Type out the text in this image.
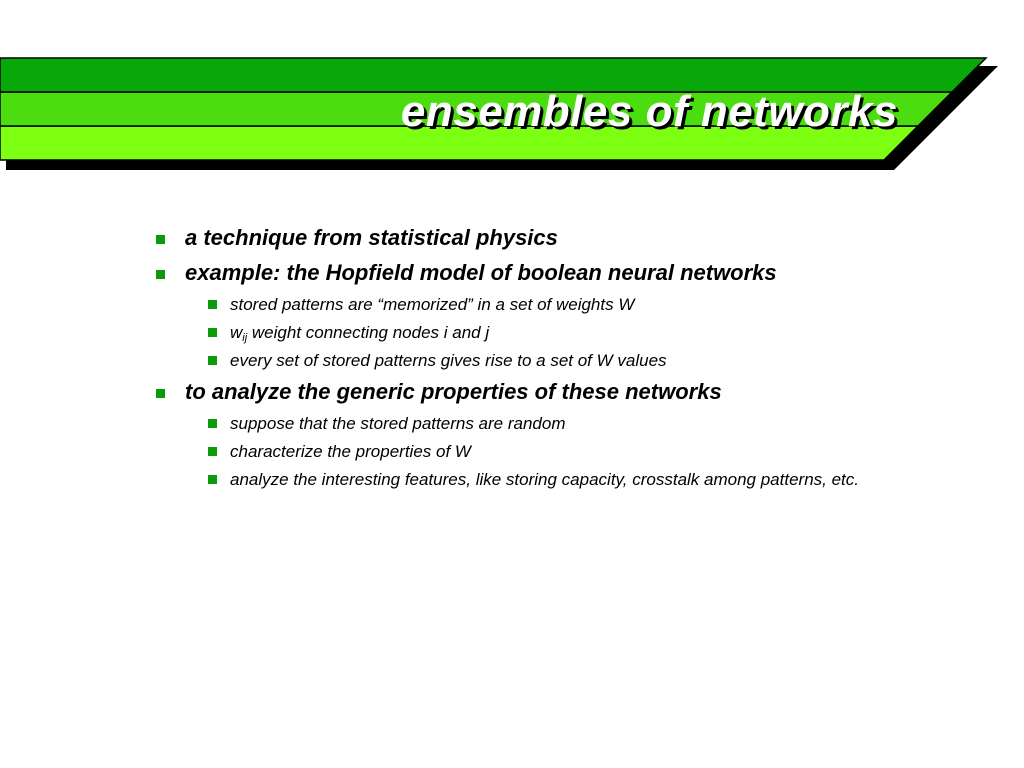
ensembles of networks
a technique from statistical physics
example: the Hopfield model of boolean neural networks
stored patterns are “memorized” in a set of weights W
$w_{ij}$ weight connecting nodes i and j
every set of stored patterns gives rise to a set of W values
to analyze the generic properties of these networks
suppose that the stored patterns are random
characterize the properties of W
analyze the interesting features, like storing capacity, crosstalk among patterns, etc.
